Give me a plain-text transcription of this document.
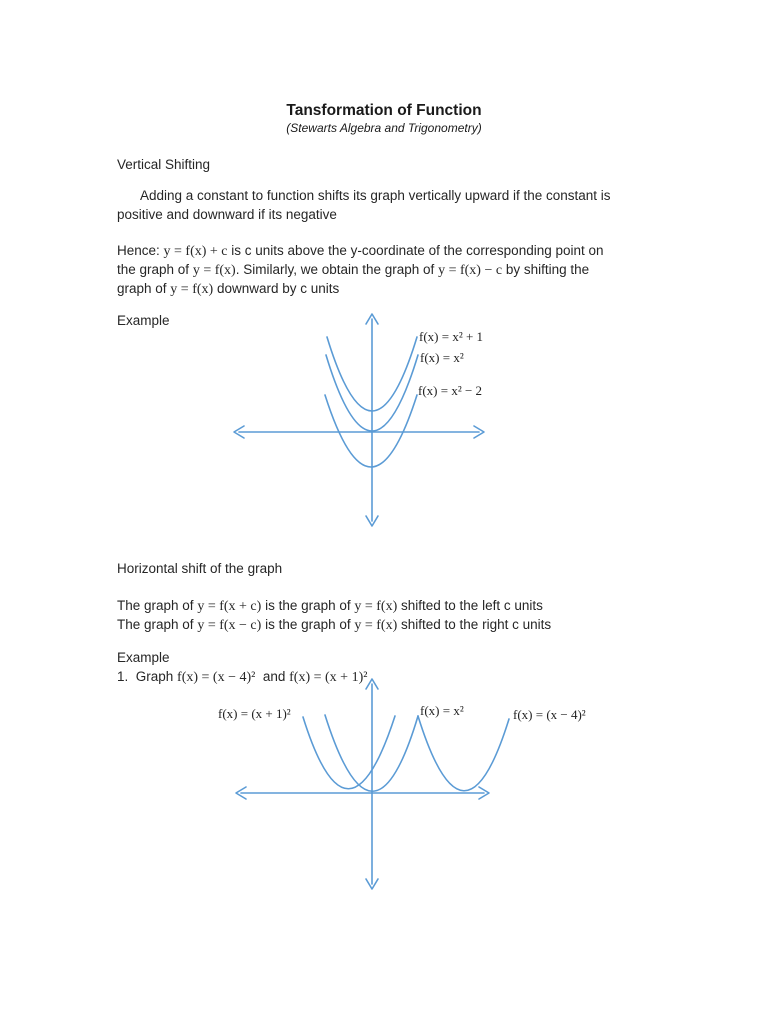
Tansformation of Function
(Stewarts Algebra and Trigonometry)
Vertical Shifting
Adding a constant to function shifts its graph vertically upward if the constant is
positive and downward if its negative
Hence: y = f(x) + c is c units above the y-coordinate of the corresponding point on
the graph of y = f(x). Similarly, we obtain the graph of y = f(x) − c by shifting the
graph of y = f(x) downward by c units
Example
f(x) = x² + 1
f(x) = x²
f(x) = x² − 2
Horizontal shift of the graph
The graph of y = f(x + c) is the graph of y = f(x) shifted to the left c units
The graph of y = f(x − c) is the graph of y = f(x) shifted to the right c units
Example
1.  Graph f(x) = (x − 4)²  and f(x) = (x + 1)²
f(x) = (x + 1)²	f(x) = x²	f(x) = (x − 4)²
